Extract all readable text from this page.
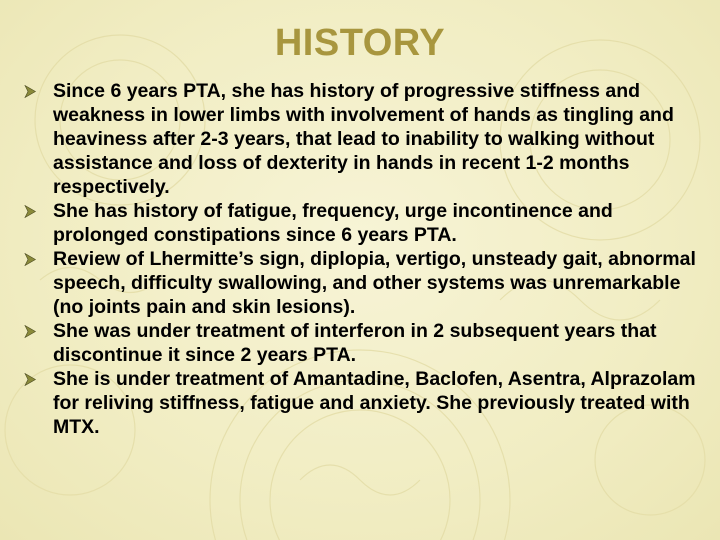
HISTORY
Since 6 years PTA, she has history of progressive stiffness and weakness in lower limbs with involvement of hands as tingling and heaviness after 2-3 years, that lead to inability to walking without assistance and loss of dexterity in hands in recent 1-2 months respectively.
She has history of fatigue, frequency, urge incontinence and prolonged constipations since 6 years PTA.
Review of Lhermitte’s sign, diplopia, vertigo, unsteady gait, abnormal speech, difficulty swallowing, and other systems was unremarkable (no joints pain and skin lesions).
She was under treatment of interferon in 2 subsequent years that discontinue it since 2 years PTA.
She is under treatment of Amantadine, Baclofen, Asentra, Alprazolam for reliving stiffness, fatigue and anxiety. She previously treated with MTX.
